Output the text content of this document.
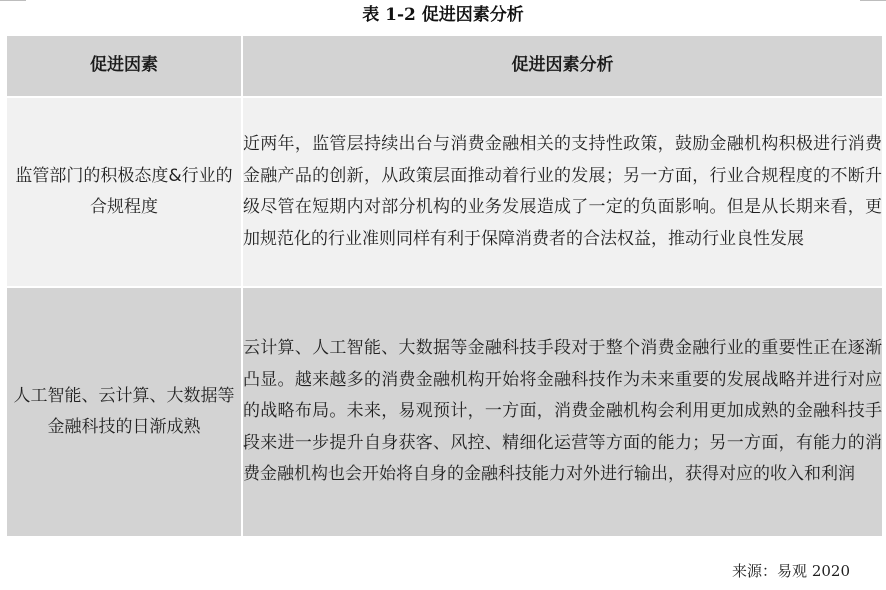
表 1-2 促进因素分析
促进因素	促进因素分析
监管部门的积极态度&行业的合规程度	近两年，监管层持续出台与消费金融相关的支持性政策，鼓励金融机构积极进行消费金融产品的创新，从政策层面推动着行业的发展；另一方面，行业合规程度的不断升级尽管在短期内对部分机构的业务发展造成了一定的负面影响。但是从长期来看，更加规范化的行业准则同样有利于保障消费者的合法权益，推动行业良性发展
人工智能、云计算、大数据等金融科技的日渐成熟	云计算、人工智能、大数据等金融科技手段对于整个消费金融行业的重要性正在逐渐凸显。越来越多的消费金融机构开始将金融科技作为未来重要的发展战略并进行对应的战略布局。未来，易观预计，一方面，消费金融机构会利用更加成熟的金融科技手段来进一步提升自身获客、风控、精细化运营等方面的能力；另一方面，有能力的消费金融机构也会开始将自身的金融科技能力对外进行输出，获得对应的收入和利润
来源：易观 2020
